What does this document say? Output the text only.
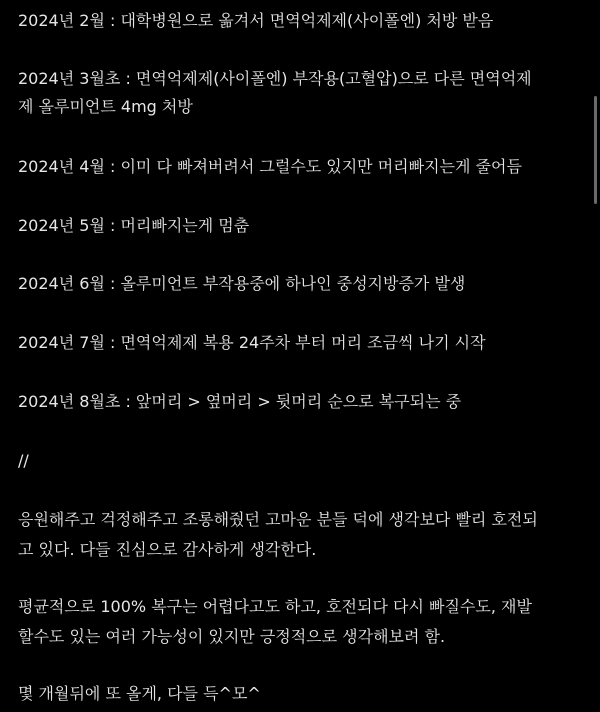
2024년 2월 : 대학병원으로 옮겨서 면역억제제(사이폴엔) 처방 받음
2024년 3월초 : 면역억제제(사이폴엔) 부작용(고혈압)으로 다른 면역억제
제 올루미언트 4mg 처방
2024년 4월 : 이미 다 빠져버려서 그럴수도 있지만 머리빠지는게 줄어듬
2024년 5월 : 머리빠지는게 멈춤
2024년 6월 : 올루미언트 부작용중에 하나인 중성지방증가 발생
2024년 7월 : 면역억제제 복용 24주차 부터 머리 조금씩 나기 시작
2024년 8월초 : 앞머리 > 옆머리 > 뒷머리 순으로 복구되는 중
//
응원해주고 걱정해주고 조롱해줬던 고마운 분들 덕에 생각보다 빨리 호전되
고 있다. 다들 진심으로 감사하게 생각한다.
평균적으로 100% 복구는 어렵다고도 하고, 호전되다 다시 빠질수도, 재발
할수도 있는 여러 가능성이 있지만 긍정적으로 생각해보려 함.
몇 개월뒤에 또 올게, 다들 득^모^
